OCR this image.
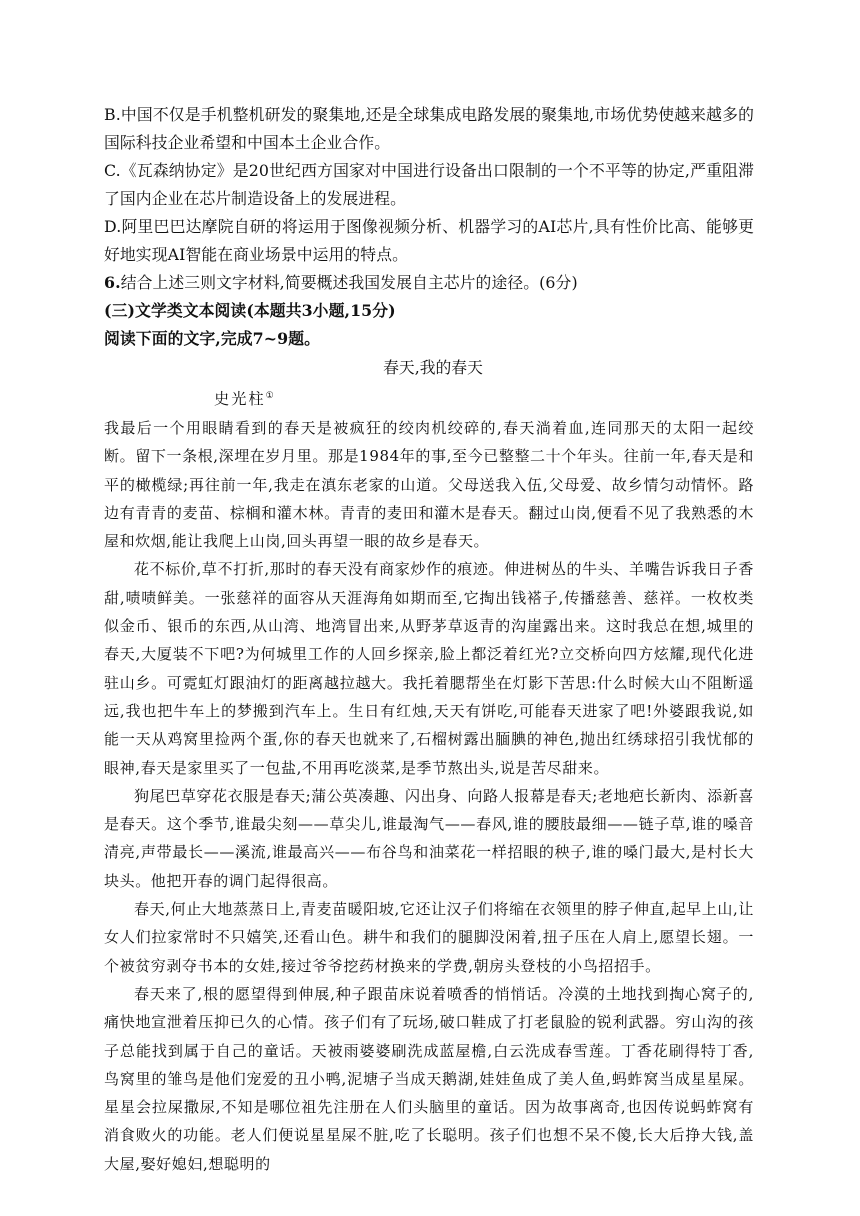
B.中国不仅是手机整机研发的聚集地,还是全球集成电路发展的聚集地,市场优势使越来越多的国际科技企业希望和中国本土企业合作。

C.《瓦森纳协定》是20世纪西方国家对中国进行设备出口限制的一个不平等的协定,严重阻滞了国内企业在芯片制造设备上的发展进程。

D.阿里巴巴达摩院自研的将运用于图像视频分析、机器学习的AI芯片,具有性价比高、能够更好地实现AI智能在商业场景中运用的特点。

6.结合上述三则文字材料,简要概述我国发展自主芯片的途径。(6分)

(三)文学类文本阅读(本题共3小题,15分)

阅读下面的文字,完成7~9题。

春天,我的春天

史光柱①

我最后一个用眼睛看到的春天是被疯狂的绞肉机绞碎的,春天淌着血,连同那天的太阳一起绞断。留下一条根,深埋在岁月里。那是1984年的事,至今已整整二十个年头。往前一年,春天是和平的橄榄绿;再往前一年,我走在滇东老家的山道。父母送我入伍,父母爱、故乡情匀动情怀。路边有青青的麦苗、棕榈和灌木林。青青的麦田和灌木是春天。翻过山岗,便看不见了我熟悉的木屋和炊烟,能让我爬上山岗,回头再望一眼的故乡是春天。

花不标价,草不打折,那时的春天没有商家炒作的痕迹。伸进树丛的牛头、羊嘴告诉我日子香甜,啧啧鲜美。一张慈祥的面容从天涯海角如期而至,它掏出钱褡子,传播慈善、慈祥。一枚枚类似金币、银币的东西,从山湾、地湾冒出来,从野茅草返青的沟崖露出来。这时我总在想,城里的春天,大厦装不下吧?为何城里工作的人回乡探亲,脸上都泛着红光?立交桥向四方炫耀,现代化进驻山乡。可霓虹灯跟油灯的距离越拉越大。我托着腮帮坐在灯影下苦思:什么时候大山不阻断遥远,我也把牛车上的梦搬到汽车上。生日有红烛,天天有饼吃,可能春天进家了吧!外婆跟我说,如能一天从鸡窝里捡两个蛋,你的春天也就来了,石榴树露出腼腆的神色,抛出红绣球招引我忧郁的眼神,春天是家里买了一包盐,不用再吃淡菜,是季节熬出头,说是苦尽甜来。

狗尾巴草穿花衣服是春天;蒲公英凑趣、闪出身、向路人报幕是春天;老地疤长新肉、添新喜是春天。这个季节,谁最尖刻——草尖儿,谁最淘气——春风,谁的腰肢最细——链子草,谁的嗓音清亮,声带最长——溪流,谁最高兴——布谷鸟和油菜花一样招眼的秧子,谁的嗓门最大,是村长大块头。他把开春的调门起得很高。

春天,何止大地蒸蒸日上,青麦苗暖阳坡,它还让汉子们将缩在衣领里的脖子伸直,起早上山,让女人们拉家常时不只嬉笑,还看山色。耕牛和我们的腿脚没闲着,扭子压在人肩上,愿望长翅。一个被贫穷剥夺书本的女娃,接过爷爷挖药材换来的学费,朝房头登枝的小鸟招招手。

春天来了,根的愿望得到伸展,种子跟苗床说着喷香的悄悄话。冷漠的土地找到掏心窝子的,痛快地宣泄着压抑已久的心情。孩子们有了玩场,破口鞋成了打老鼠脸的锐利武器。穷山沟的孩子总能找到属于自己的童话。天被雨婆婆刷洗成蓝屋檐,白云洗成春雪莲。丁香花刷得特丁香,鸟窝里的雏鸟是他们宠爱的丑小鸭,泥塘子当成天鹅湖,娃娃鱼成了美人鱼,蚂蚱窝当成星星屎。星星会拉屎撒尿,不知是哪位祖先注册在人们头脑里的童话。因为故事离奇,也因传说蚂蚱窝有消食败火的功能。老人们便说星星屎不脏,吃了长聪明。孩子们也想不呆不傻,长大后挣大钱,盖大屋,娶好媳妇,想聪明的
